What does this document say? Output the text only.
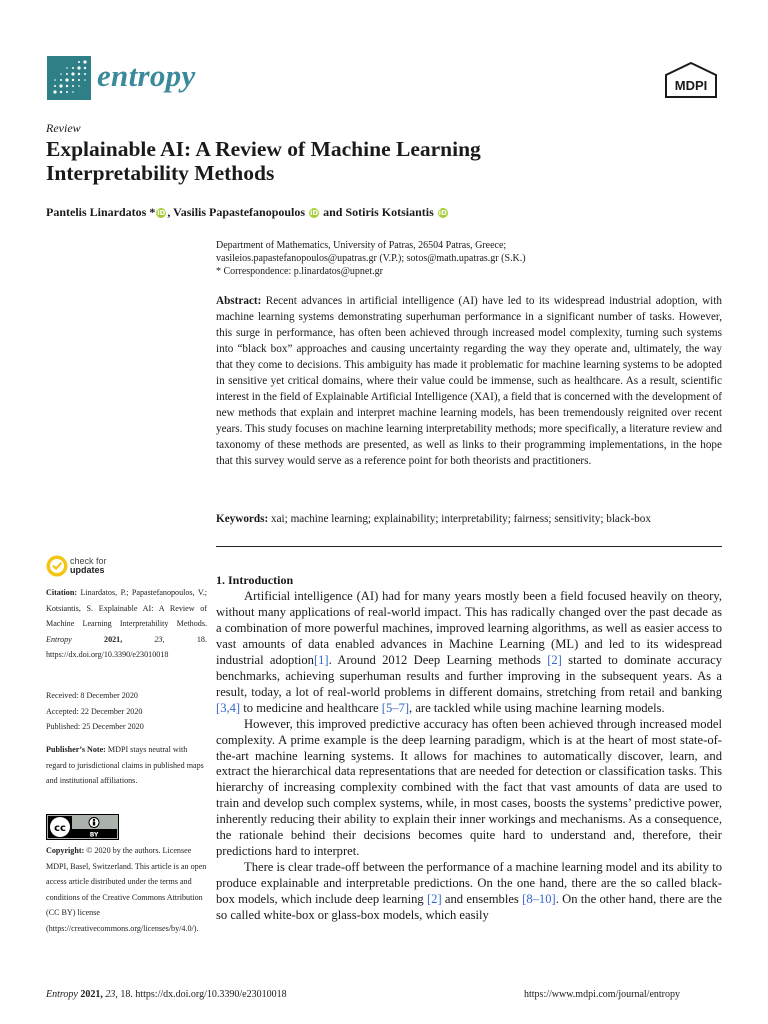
entropy	MDPI
Review
Explainable AI: A Review of Machine Learning
Interpretability Methods
Pantelis Linardatos * iD , Vasilis Papastefanopoulos iD and Sotiris Kotsiantis iD
Department of Mathematics, University of Patras, 26504 Patras, Greece;
vasileios.papastefanopoulos@upatras.gr (V.P.); sotos@math.upatras.gr (S.K.)
* Correspondence: p.linardatos@upnet.gr
Abstract: Recent advances in artificial intelligence (AI) have led to its widespread industrial adoption, with machine learning systems demonstrating superhuman performance in a significant number of tasks. However, this surge in performance, has often been achieved through increased model complexity, turning such systems into “black box” approaches and causing uncertainty regarding the way they operate and, ultimately, the way that they come to decisions. This ambiguity has made it problematic for machine learning systems to be adopted in sensitive yet critical domains, where their value could be immense, such as healthcare. As a result, scientific interest in the field of Explainable Artificial Intelligence (XAI), a field that is concerned with the development of new methods that explain and interpret machine learning models, has been tremendously reignited over recent years. This study focuses on machine learning interpretability methods; more specifically, a literature review and taxonomy of these methods are presented, as well as links to their programming implementations, in the hope that this survey would serve as a reference point for both theorists and practitioners.
Keywords: xai; machine learning; explainability; interpretability; fairness; sensitivity; black-box
check for
updates
Citation: Linardatos, P.; Papastefanopoulos, V.; Kotsiantis, S. Explainable AI: A Review of Machine Learning Interpretability Methods. Entropy	2021,	23,	18. https://dx.doi.org/10.3390/e23010018
Received: 8 December 2020
Accepted: 22 December 2020
Published: 25 December 2020
Publisher’s Note: MDPI stays neutral with regard to jurisdictional claims in published maps and institutional affiliations.
cc
BY
Copyright: © 2020 by the authors. Licensee MDPI, Basel, Switzerland. This article is an open access article distributed under the terms and conditions of the Creative Commons Attribution (CC BY) license (https://creativecommons.org/licenses/by/4.0/).
1. Introduction

Artificial intelligence (AI) had for many years mostly been a field focused heavily on theory, without many applications of real-world impact. This has radically changed over the past decade as a combination of more powerful machines, improved learning algorithms, as well as easier access to vast amounts of data enabled advances in Machine Learning (ML) and led to its widespread industrial adoption[1]. Around 2012 Deep Learning methods [2] started to dominate accuracy benchmarks, achieving superhuman results and further improving in the subsequent years. As a result, today, a lot of real-world problems in different domains, stretching from retail and banking [3,4] to medicine and healthcare [5–7], are tackled while using machine learning models.

However, this improved predictive accuracy has often been achieved through increased model complexity. A prime example is the deep learning paradigm, which is at the heart of most state-of-the-art machine learning systems. It allows for machines to automatically discover, learn, and extract the hierarchical data representations that are needed for detection or classification tasks. This hierarchy of increasing complexity combined with the fact that vast amounts of data are used to train and develop such complex systems, while, in most cases, boosts the systems’ predictive power, inherently reducing their ability to explain their inner workings and mechanisms. As a consequence, the rationale behind their decisions becomes quite hard to understand and, therefore, their predictions hard to interpret.

There is clear trade-off between the performance of a machine learning model and its ability to produce explainable and interpretable predictions. On the one hand, there are the so called black-box models, which include deep learning [2] and ensembles [8–10]. On the other hand, there are the so called white-box or glass-box models, which easily

Entropy 2021, 23, 18. https://dx.doi.org/10.3390/e23010018	https://www.mdpi.com/journal/entropy
